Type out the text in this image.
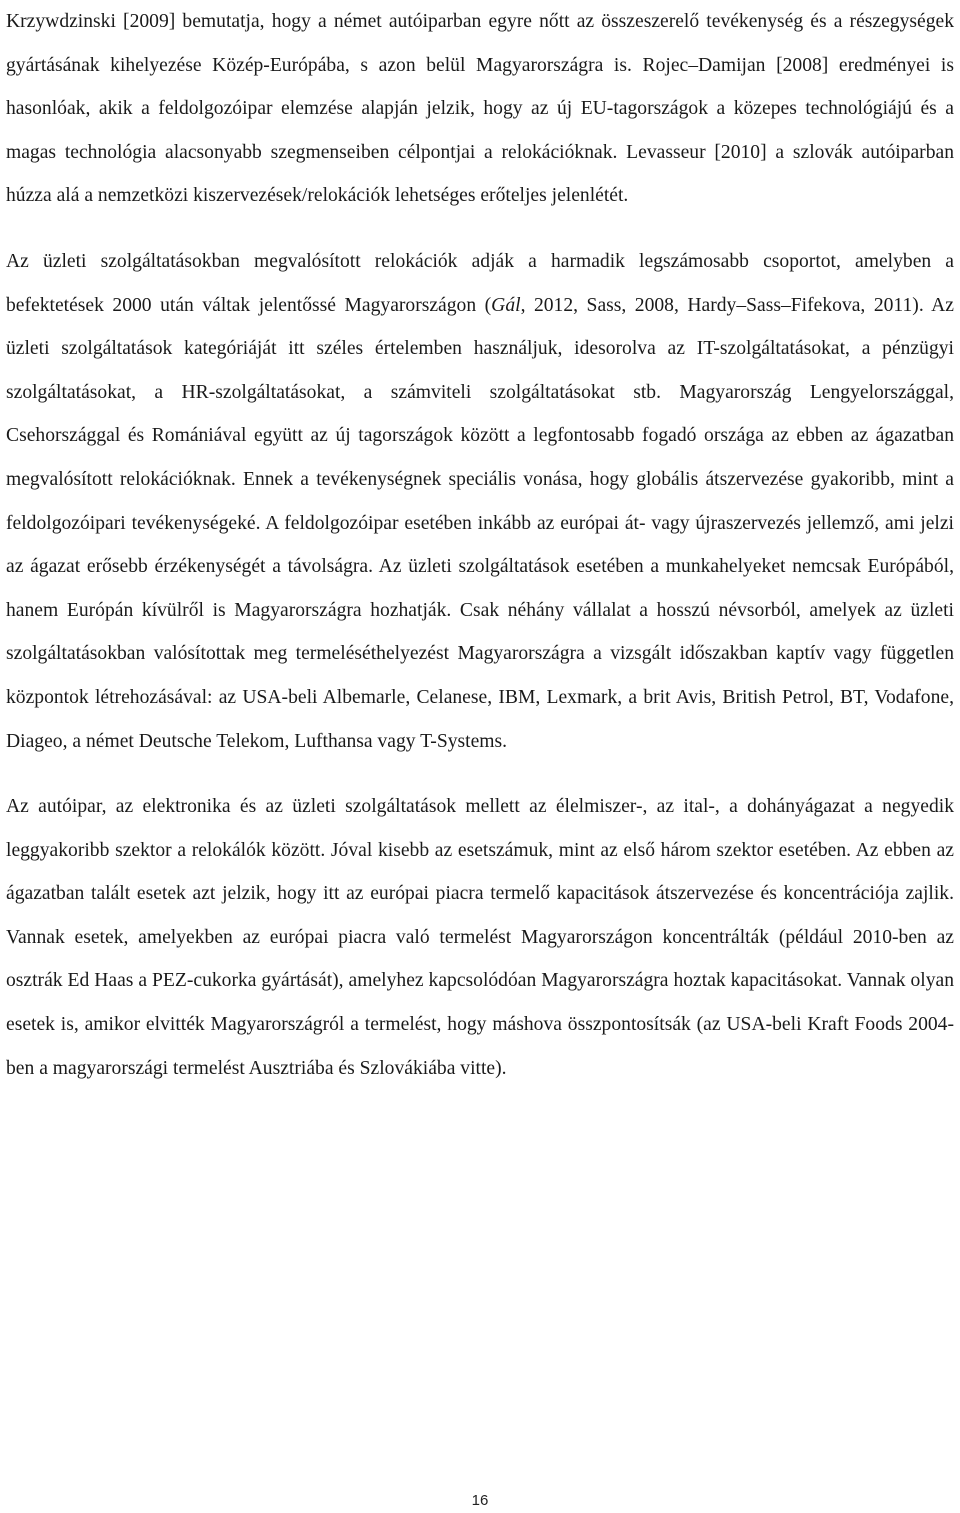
Krzywdzinski [2009] bemutatja, hogy a német autóiparban egyre nőtt az összeszerelő tevékenység és a részegységek gyártásának kihelyezése Közép-Európába, s azon belül Magyarországra is. Rojec–Damijan [2008] eredményei is hasonlóak, akik a feldolgozóipar elemzése alapján jelzik, hogy az új EU-tagországok a közepes technológiájú és a magas technológia alacsonyabb szegmenseiben célpontjai a relokációknak. Levasseur [2010] a szlovák autóiparban húzza alá a nemzetközi kiszervezések/relokációk lehetséges erőteljes jelenlétét.

Az üzleti szolgáltatásokban megvalósított relokációk adják a harmadik legszámosabb csoportot, amelyben a befektetések 2000 után váltak jelentőssé Magyarországon (Gál, 2012, Sass, 2008, Hardy–Sass–Fifekova, 2011). Az üzleti szolgáltatások kategóriáját itt széles értelemben használjuk, idesorolva az IT-szolgáltatásokat, a pénzügyi szolgáltatásokat, a HR-szolgáltatásokat, a számviteli szolgáltatásokat stb. Magyarország Lengyelországgal, Csehországgal és Romániával együtt az új tagországok között a legfontosabb fogadó országa az ebben az ágazatban megvalósított relokációknak. Ennek a tevékenységnek speciális vonása, hogy globális átszervezése gyakoribb, mint a feldolgozóipari tevékenységeké. A feldolgozóipar esetében inkább az európai át- vagy újraszervezés jellemző, ami jelzi az ágazat erősebb érzékenységét a távolságra. Az üzleti szolgáltatások esetében a munkahelyeket nemcsak Európából, hanem Európán kívülről is Magyarországra hozhatják. Csak néhány vállalat a hosszú névsorból, amelyek az üzleti szolgáltatásokban valósítottak meg termeléséthelyezést Magyarországra a vizsgált időszakban kaptív vagy független központok létrehozásával: az USA-beli Albemarle, Celanese, IBM, Lexmark, a brit Avis, British Petrol, BT, Vodafone, Diageo, a német Deutsche Telekom, Lufthansa vagy T-Systems.

Az autóipar, az elektronika és az üzleti szolgáltatások mellett az élelmiszer-, az ital-, a dohányágazat a negyedik leggyakoribb szektor a relokálók között. Jóval kisebb az esetszámuk, mint az első három szektor esetében. Az ebben az ágazatban talált esetek azt jelzik, hogy itt az európai piacra termelő kapacitások átszervezése és koncentrációja zajlik. Vannak esetek, amelyekben az európai piacra való termelést Magyarországon koncentrálták (például 2010-ben az osztrák Ed Haas a PEZ-cukorka gyártását), amelyhez kapcsolódóan Magyarországra hoztak kapacitásokat. Vannak olyan esetek is, amikor elvitték Magyarországról a termelést, hogy máshova összpontosítsák (az USA-beli Kraft Foods 2004-ben a magyarországi termelést Ausztriába és Szlovákiába vitte).

16
